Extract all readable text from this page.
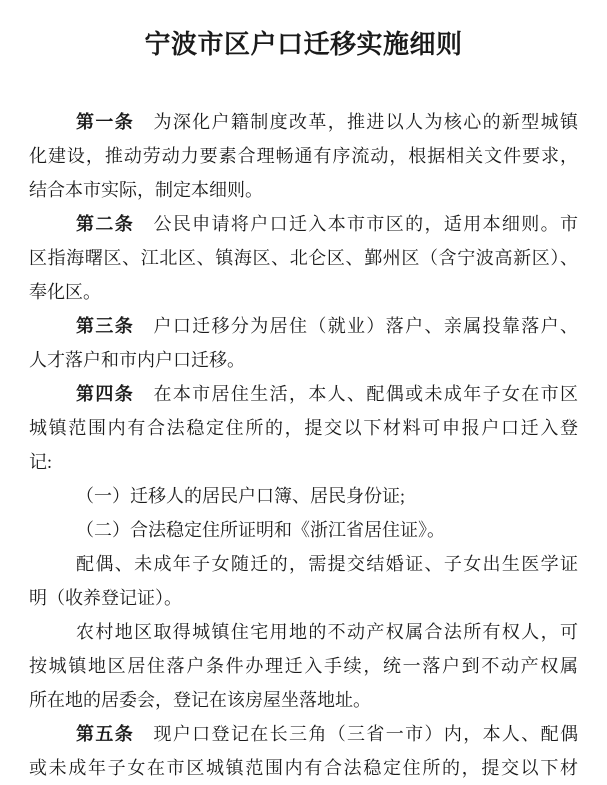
宁波市区户口迁移实施细则
第一条　为深化户籍制度改革，推进以人为核心的新型城镇
化建设，推动劳动力要素合理畅通有序流动，根据相关文件要求，
结合本市实际，制定本细则。
第二条　公民申请将户口迁入本市市区的，适用本细则。市
区指海曙区、江北区、镇海区、北仑区、鄞州区（含宁波高新区）、
奉化区。
第三条　户口迁移分为居住（就业）落户、亲属投靠落户、
人才落户和市内户口迁移。
第四条　在本市居住生活，本人、配偶或未成年子女在市区
城镇范围内有合法稳定住所的，提交以下材料可申报户口迁入登
记:
（一）迁移人的居民户口簿、居民身份证;
（二）合法稳定住所证明和《浙江省居住证》。
配偶、未成年子女随迁的，需提交结婚证、子女出生医学证
明（收养登记证）。
农村地区取得城镇住宅用地的不动产权属合法所有权人，可
按城镇地区居住落户条件办理迁入手续，统一落户到不动产权属
所在地的居委会，登记在该房屋坐落地址。
第五条　现户口登记在长三角（三省一市）内，本人、配偶
或未成年子女在市区城镇范围内有合法稳定住所的，提交以下材
